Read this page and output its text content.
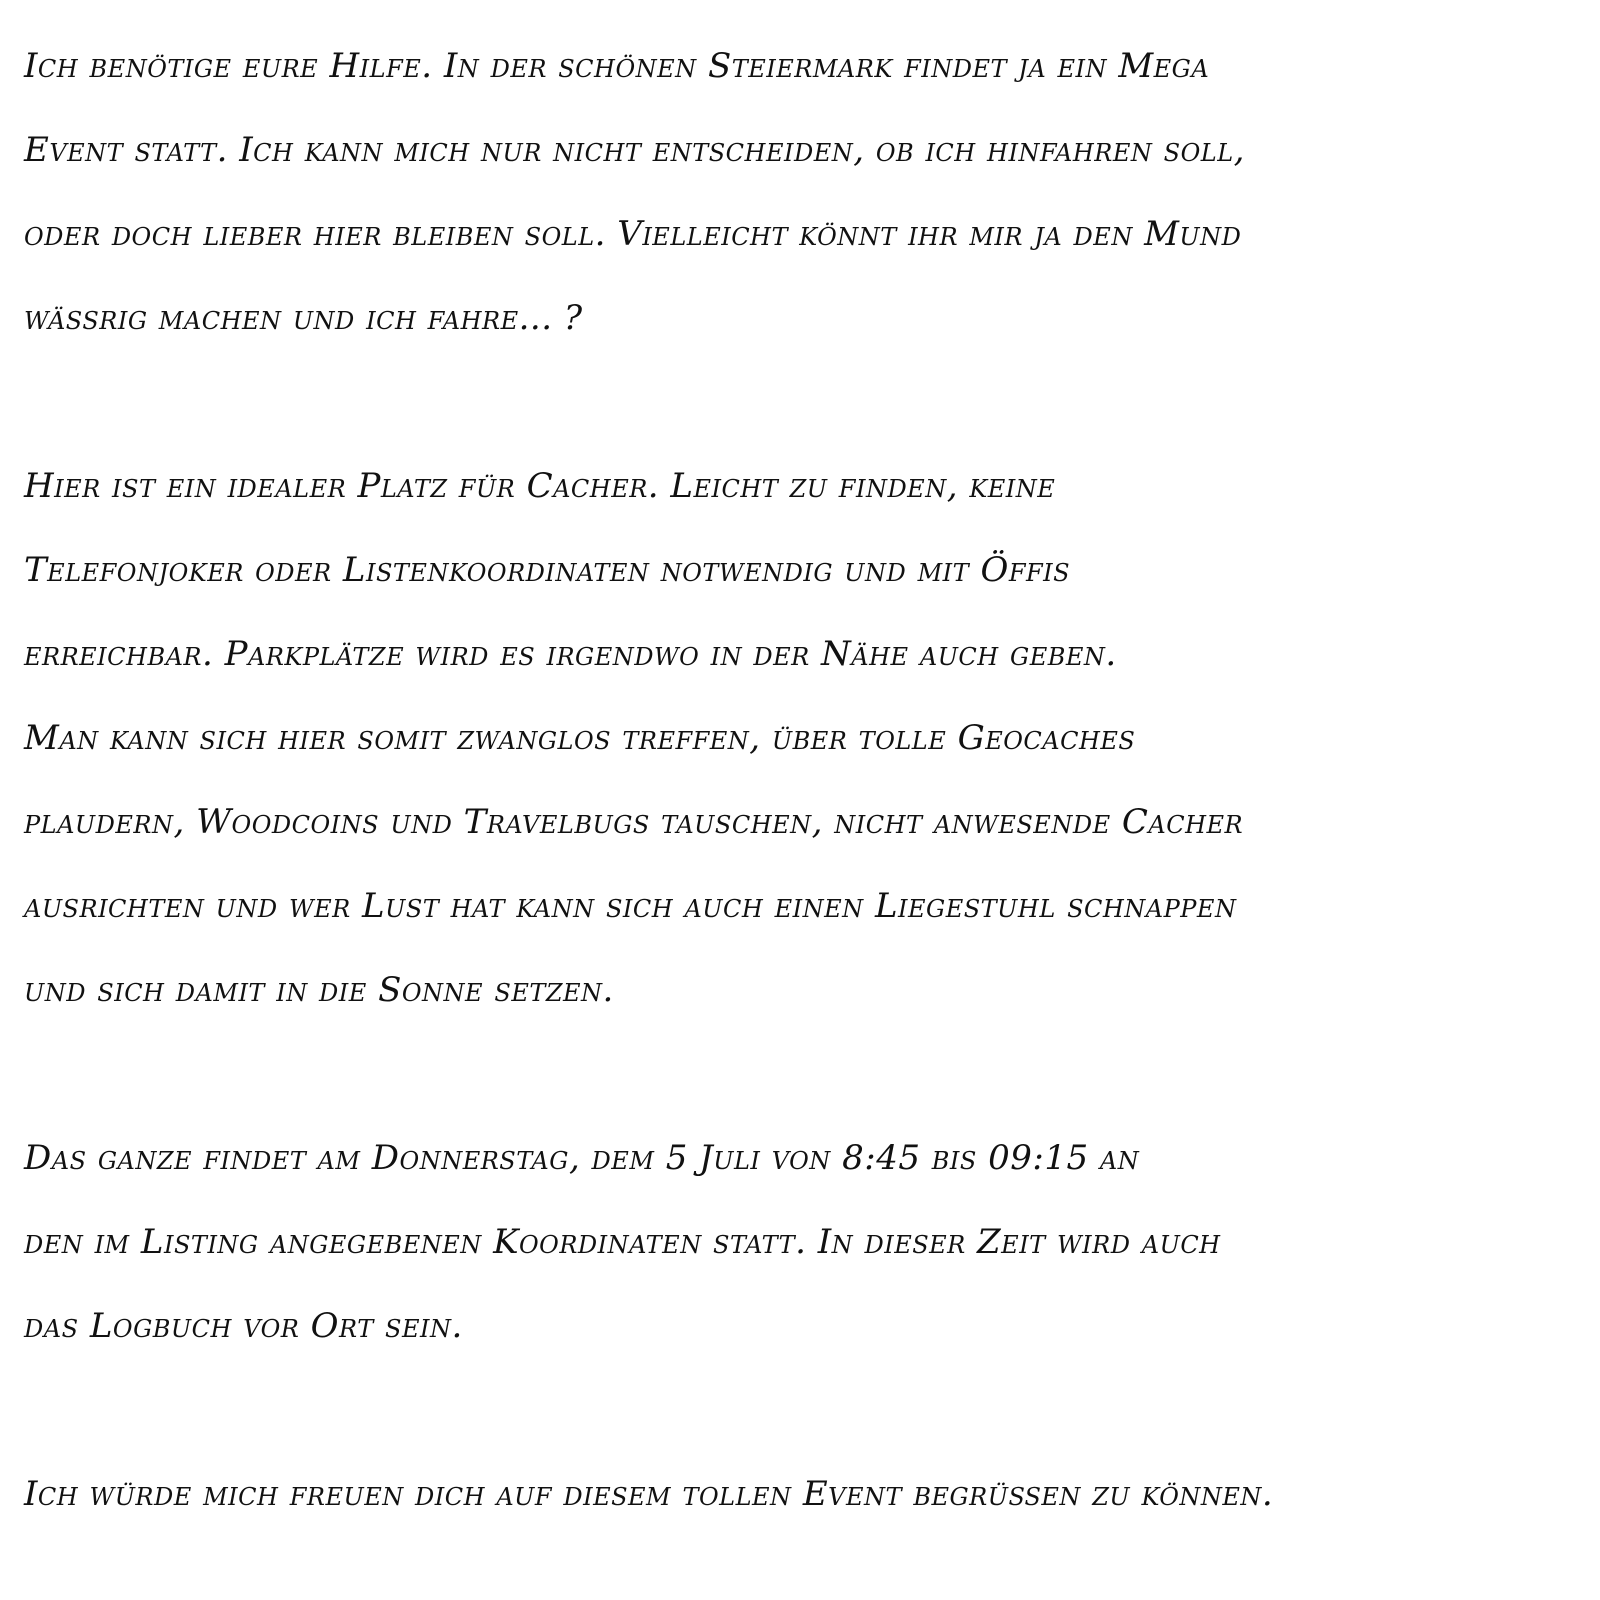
Ich benötige eure Hilfe. In der schönen Steiermark findet ja ein Mega
Event statt. Ich kann mich nur nicht entscheiden, ob ich hinfahren soll,
oder doch lieber hier bleiben soll. Vielleicht könnt ihr mir ja den Mund
wässrig machen und ich fahre... ?

Hier ist ein idealer Platz für Cacher. Leicht zu finden, keine
Telefonjoker oder Listenkoordinaten notwendig und mit Öffis
erreichbar. Parkplätze wird es irgendwo in der Nähe auch geben.
Man kann sich hier somit zwanglos treffen, über tolle Geocaches
plaudern, Woodcoins und Travelbugs tauschen, nicht anwesende Cacher
ausrichten und wer Lust hat kann sich auch einen Liegestuhl schnappen
und sich damit in die Sonne setzen.

Das ganze findet am Donnerstag, dem 5 Juli von 8:45 bis 09:15 an
den im Listing angegebenen Koordinaten statt. In dieser Zeit wird auch
das Logbuch vor Ort sein.

Ich würde mich freuen dich auf diesem tollen Event begrüßen zu können.
